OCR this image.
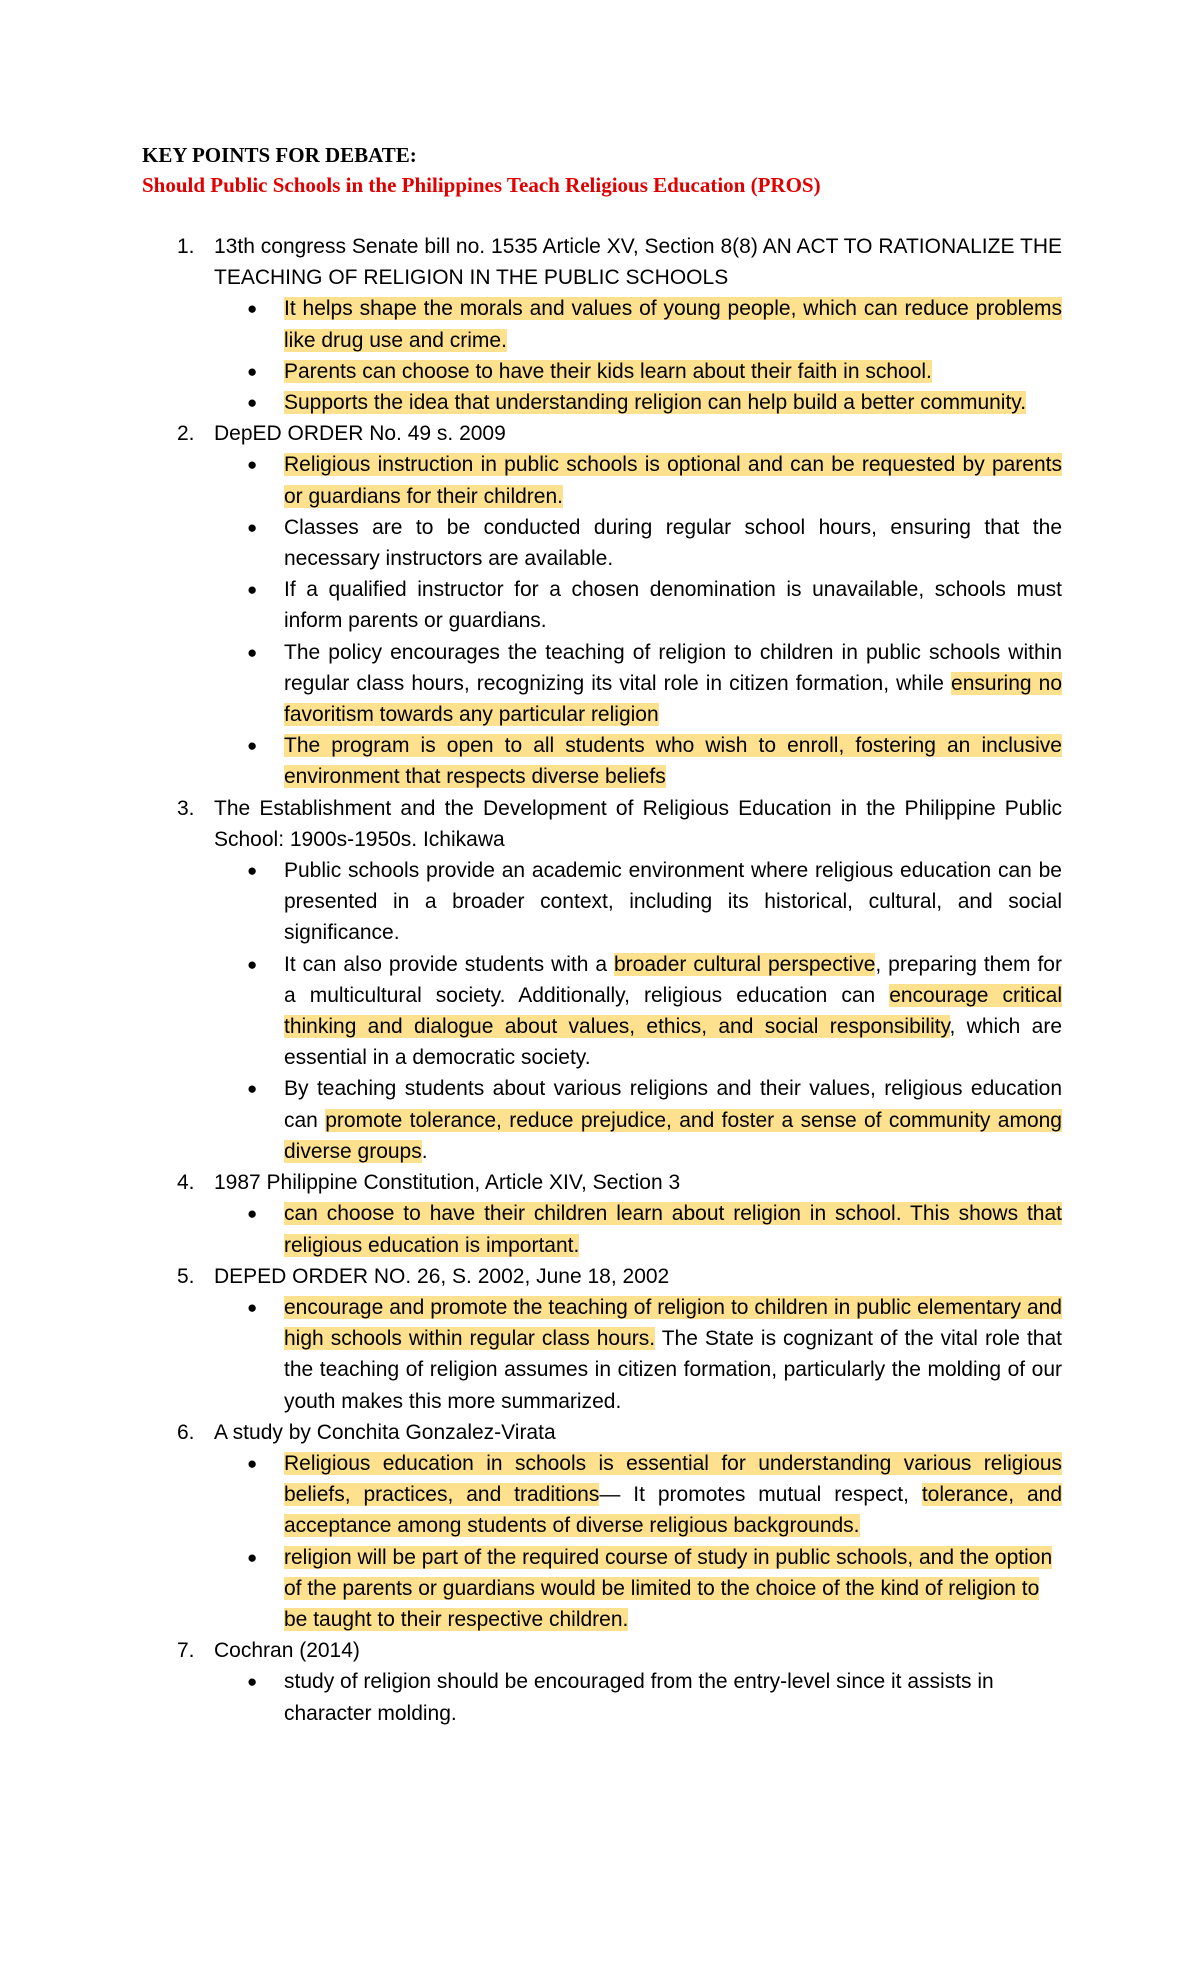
KEY POINTS FOR DEBATE:
Should Public Schools in the Philippines Teach Religious Education (PROS)
1. 13th congress Senate bill no. 1535 Article XV, Section 8(8) AN ACT TO RATIONALIZE THE TEACHING OF RELIGION IN THE PUBLIC SCHOOLS
● It helps shape the morals and values of young people, which can reduce problems like drug use and crime.
● Parents can choose to have their kids learn about their faith in school.
● Supports the idea that understanding religion can help build a better community.
2. DepED ORDER No. 49 s. 2009
● Religious instruction in public schools is optional and can be requested by parents or guardians for their children.
● Classes are to be conducted during regular school hours, ensuring that the necessary instructors are available.
● If a qualified instructor for a chosen denomination is unavailable, schools must inform parents or guardians.
● The policy encourages the teaching of religion to children in public schools within regular class hours, recognizing its vital role in citizen formation, while ensuring no favoritism towards any particular religion
● The program is open to all students who wish to enroll, fostering an inclusive environment that respects diverse beliefs
3. The Establishment and the Development of Religious Education in the Philippine Public School: 1900s-1950s. Ichikawa
● Public schools provide an academic environment where religious education can be presented in a broader context, including its historical, cultural, and social significance.
● It can also provide students with a broader cultural perspective, preparing them for a multicultural society. Additionally, religious education can encourage critical thinking and dialogue about values, ethics, and social responsibility, which are essential in a democratic society.
● By teaching students about various religions and their values, religious education can promote tolerance, reduce prejudice, and foster a sense of community among diverse groups.
4. 1987 Philippine Constitution, Article XIV, Section 3
● can choose to have their children learn about religion in school. This shows that religious education is important.
5. DEPED ORDER NO. 26, S. 2002, June 18, 2002
● encourage and promote the teaching of religion to children in public elementary and high schools within regular class hours. The State is cognizant of the vital role that the teaching of religion assumes in citizen formation, particularly the molding of our youth makes this more summarized.
6. A study by Conchita Gonzalez-Virata
● Religious education in schools is essential for understanding various religious beliefs, practices, and traditions— It promotes mutual respect, tolerance, and acceptance among students of diverse religious backgrounds.
● religion will be part of the required course of study in public schools, and the option of the parents or guardians would be limited to the choice of the kind of religion to be taught to their respective children.
7. Cochran (2014)
● study of religion should be encouraged from the entry-level since it assists in character molding.
